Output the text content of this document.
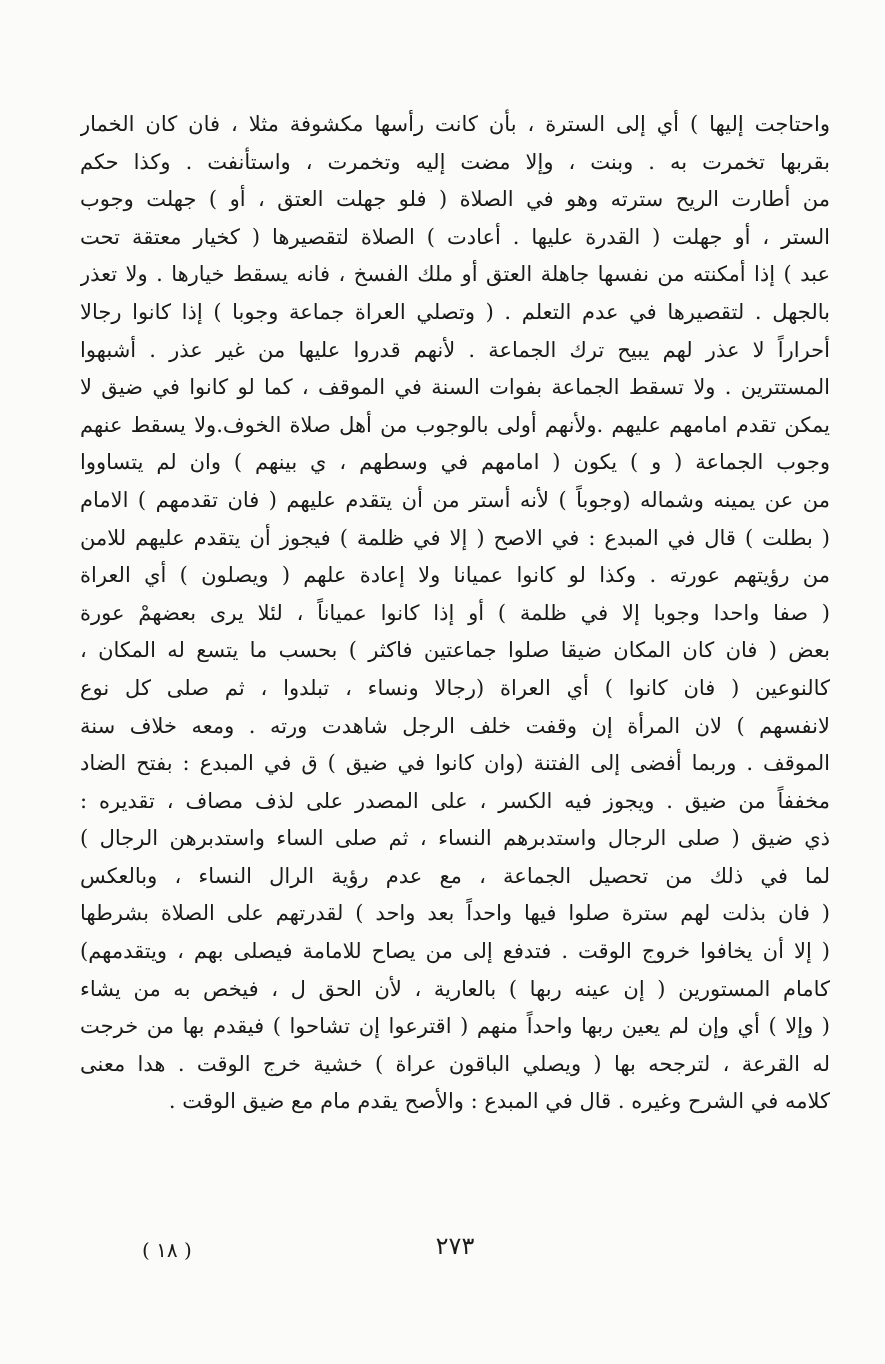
واحتاجت إليها ) أي إلى السترة ، بأن كانت رأسها مكشوفة مثلا ، فان كان الخمار
بقربها تخمرت به . وبنت ، وإلا مضت إليه وتخمرت ، واستأنفت . وكذا حكم
من أطارت الريح سترته وهو في الصلاة ( فلو جهلت العتق ، أو ) جهلت وجوب
الستر ، أو جهلت ( القدرة عليها . أعادت ) الصلاة لتقصيرها ( كخيار معتقة تحت
عبد ) إذا أمكنته من نفسها جاهلة العتق أو ملك الفسخ ، فانه يسقط خيارها . ولا تعذر
بالجهل . لتقصيرها في عدم التعلم . ( وتصلي العراة جماعة وجوبا ) إذا كانوا رجالا
أحراراً لا عذر لهم يبيح ترك الجماعة . لأنهم قدروا عليها من غير عذر . أشبهوا
المستترين . ولا تسقط الجماعة بفوات السنة في الموقف ، كما لو كانوا في ضيق لا
يمكن تقدم امامهم عليهم .ولأنهم أولى بالوجوب من أهل صلاة الخوف.ولا يسقط عنهم
وجوب الجماعة ( و ) يكون ( امامهم في وسطهم ، ي بينهم ) وان لم يتساووا
من عن يمينه وشماله (وجوباً ) لأنه أستر من أن يتقدم عليهم ( فان تقدمهم ) الامام
( بطلت ) قال في المبدع : في الاصح ( إلا في ظلمة ) فيجوز أن يتقدم عليهم للامن
من رؤيتهم عورته . وكذا لو كانوا عميانا ولا إعادة علهم ( ويصلون ) أي العراة
( صفا واحدا وجوبا إلا في ظلمة ) أو إذا كانوا عمياناً ، لئلا يرى بعضهمْ عورة
بعض ( فان كان المكان ضيقا صلوا جماعتين فاكثر ) بحسب ما يتسع له المكان ،
كالنوعين ( فان كانوا ) أي العراة (رجالا ونساء ، تبلدوا ، ثم صلى كل نوع
لانفسهم ) لان المرأة إن وقفت خلف الرجل شاهدت ورته . ومعه خلاف سنة
الموقف . وربما أفضى إلى الفتنة (وان كانوا في ضيق ) ق في المبدع : بفتح الضاد
مخففاً من ضيق . ويجوز فيه الكسر ، على المصدر على لذف مصاف ، تقديره :
ذي ضيق ( صلى الرجال واستدبرهم النساء ، ثم صلى الساء واستدبرهن الرجال )
لما في ذلك من تحصيل الجماعة ، مع عدم رؤية الرال النساء ، وبالعكس
( فان بذلت لهم سترة صلوا فيها واحداً بعد واحد ) لقدرتهم على الصلاة بشرطها
( إلا أن يخافوا خروج الوقت . فتدفع إلى من يصاح للامامة فيصلى بهم ، ويتقدمهم)
كامام المستورين ( إن عينه ربها ) بالعارية ، لأن الحق ل ، فيخص به من يشاء
( وإلا ) أي وإن لم يعين ربها واحداً منهم ( اقترعوا إن تشاحوا ) فيقدم بها من خرجت
له القرعة ، لترجحه بها ( ويصلي الباقون عراة ) خشية خرج الوقت . هدا معنى
كلامه في الشرح وغيره . قال في المبدع : والأصح يقدم مام مع ضيق الوقت .
٢٧٣
( ١٨ )
